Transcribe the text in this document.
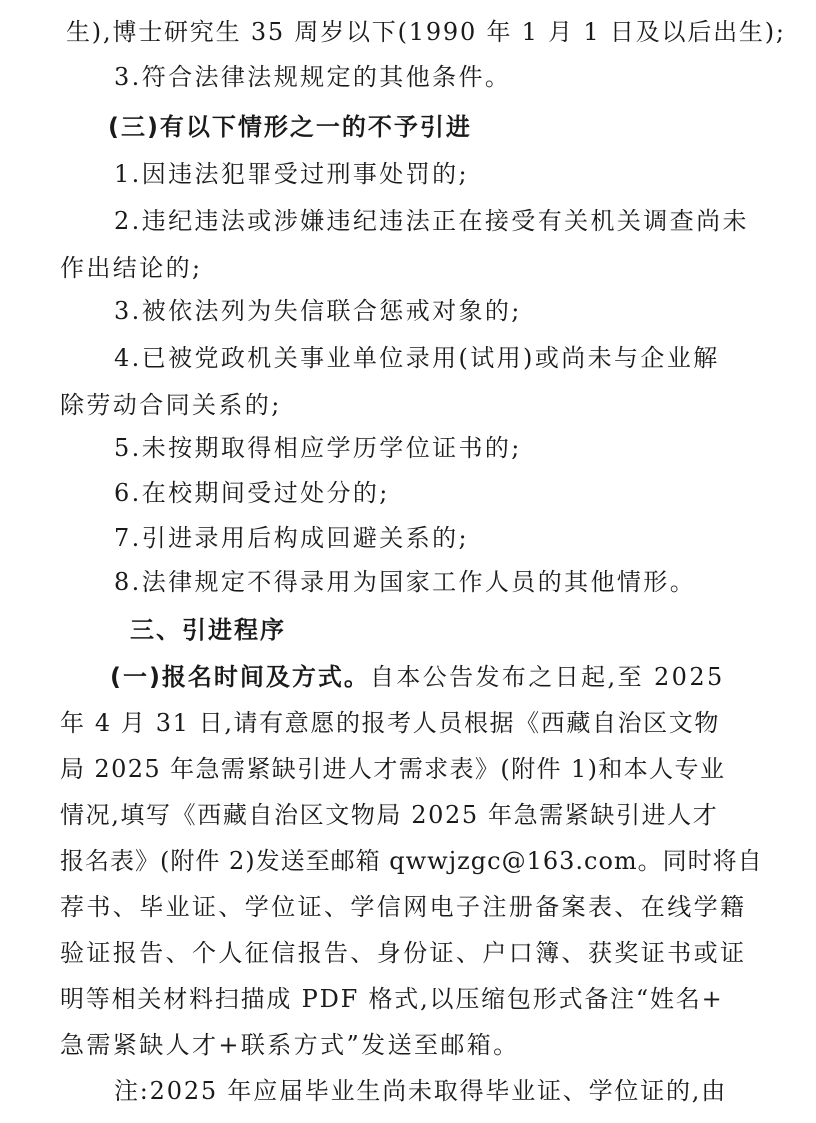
生),博士研究生 35 周岁以下(1990 年 1 月 1 日及以后出生);
3.符合法律法规规定的其他条件。
(三)有以下情形之一的不予引进
1.因违法犯罪受过刑事处罚的;
2.违纪违法或涉嫌违纪违法正在接受有关机关调查尚未
作出结论的;
3.被依法列为失信联合惩戒对象的;
4.已被党政机关事业单位录用(试用)或尚未与企业解
除劳动合同关系的;
5.未按期取得相应学历学位证书的;
6.在校期间受过处分的;
7.引进录用后构成回避关系的;
8.法律规定不得录用为国家工作人员的其他情形。
三、引进程序
(一)报名时间及方式。自本公告发布之日起,至 2025
年 4 月 31 日,请有意愿的报考人员根据《西藏自治区文物
局 2025 年急需紧缺引进人才需求表》(附件 1)和本人专业
情况,填写《西藏自治区文物局 2025 年急需紧缺引进人才
报名表》(附件 2)发送至邮箱 qwwjzgc@163.com。同时将自
荐书、毕业证、学位证、学信网电子注册备案表、在线学籍
验证报告、个人征信报告、身份证、户口簿、获奖证书或证
明等相关材料扫描成 PDF 格式,以压缩包形式备注“姓名+
急需紧缺人才+联系方式”发送至邮箱。
注:2025 年应届毕业生尚未取得毕业证、学位证的,由
